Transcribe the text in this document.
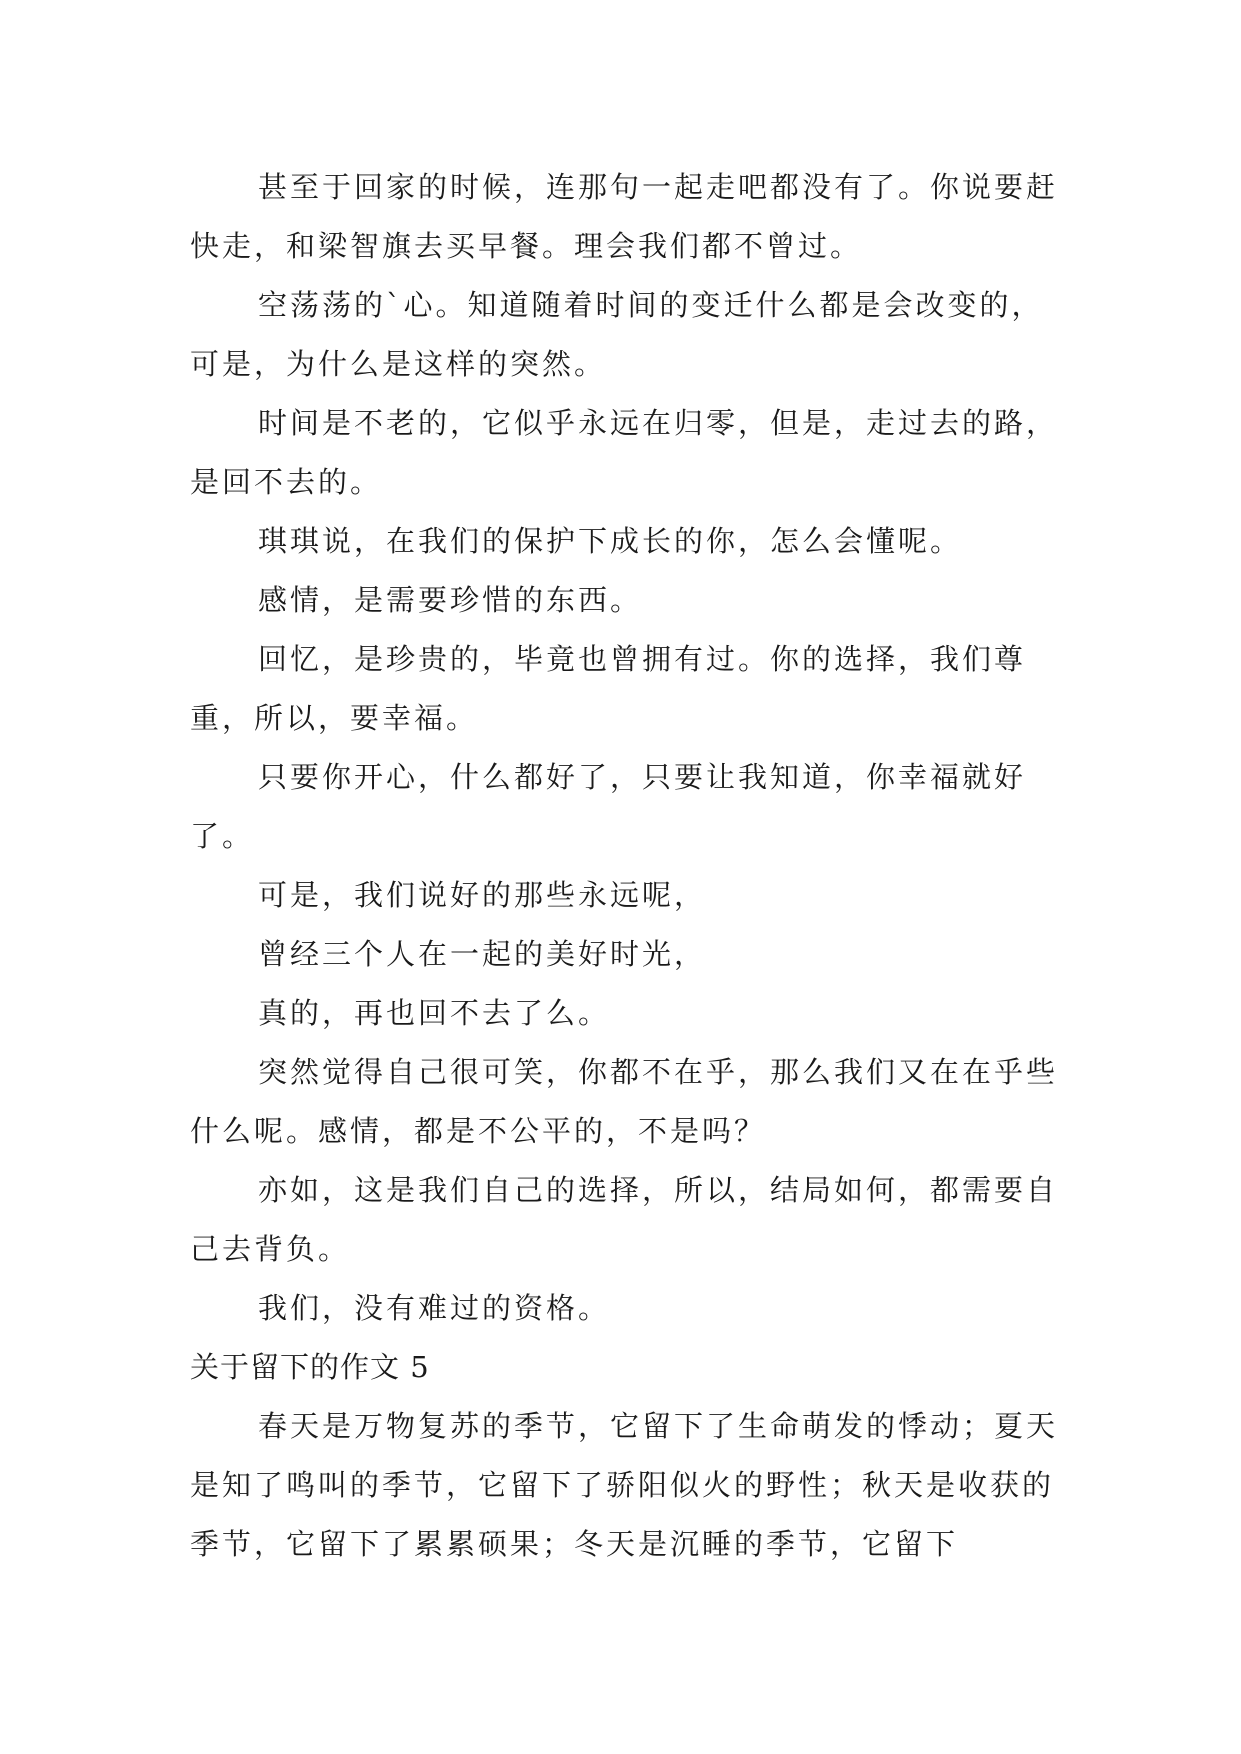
甚至于回家的时候，连那句一起走吧都没有了。你说要赶快走，和梁智旗去买早餐。理会我们都不曾过。

空荡荡的`心。知道随着时间的变迁什么都是会改变的，可是，为什么是这样的突然。

时间是不老的，它似乎永远在归零，但是，走过去的路，是回不去的。

琪琪说，在我们的保护下成长的你，怎么会懂呢。

感情，是需要珍惜的东西。

回忆，是珍贵的，毕竟也曾拥有过。你的选择，我们尊重，所以，要幸福。

只要你开心，什么都好了，只要让我知道，你幸福就好了。

可是，我们说好的那些永远呢，

曾经三个人在一起的美好时光，

真的，再也回不去了么。

突然觉得自己很可笑，你都不在乎，那么我们又在在乎些什么呢。感情，都是不公平的，不是吗？

亦如，这是我们自己的选择，所以，结局如何，都需要自己去背负。

我们，没有难过的资格。

关于留下的作文 5

春天是万物复苏的季节，它留下了生命萌发的悸动；夏天是知了鸣叫的季节，它留下了骄阳似火的野性；秋天是收获的季节，它留下了累累硕果；冬天是沉睡的季节，它留下
